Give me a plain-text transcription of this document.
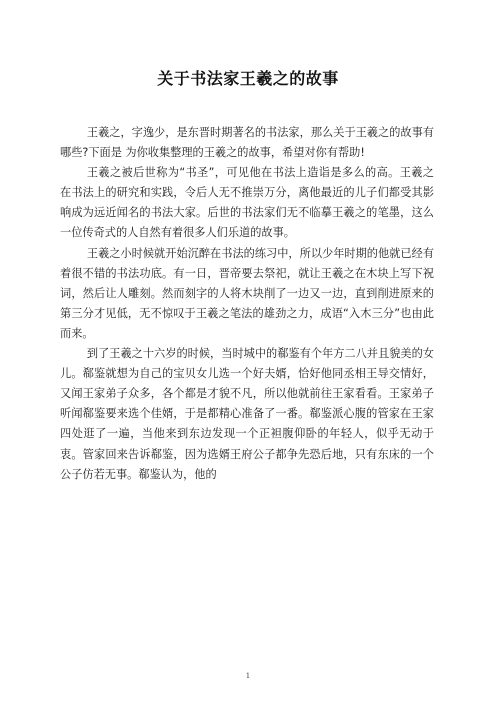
关于书法家王羲之的故事

王羲之，字逸少，是东晋时期著名的书法家，那么关于王羲之的故事有哪些?下面是 为你收集整理的王羲之的故事，希望对你有帮助!

王羲之被后世称为“书圣”，可见他在书法上造诣是多么的高。王羲之在书法上的研究和实践，令后人无不推崇万分，离他最近的儿子们都受其影响成为远近闻名的书法大家。后世的书法家们无不临摹王羲之的笔墨，这么一位传奇式的人自然有着很多人们乐道的故事。

王羲之小时候就开始沉醉在书法的练习中，所以少年时期的他就已经有着很不错的书法功底。有一日，晋帝要去祭祀，就让王羲之在木块上写下祝词，然后让人雕刻。然而刻字的人将木块削了一边又一边，直到削进原来的第三分才见低，无不惊叹于王羲之笔法的雄劲之力，成语“入木三分”也由此而来。

到了王羲之十六岁的时候，当时城中的郗鉴有个年方二八并且貌美的女儿。郗鉴就想为自己的宝贝女儿选一个好夫婿，恰好他同丞相王导交情好，又闻王家弟子众多，各个都是才貌不凡，所以他就前往王家看看。王家弟子听闻郗鉴要来选个佳婿，于是都精心准备了一番。郗鉴派心腹的管家在王家四处逛了一遍，当他来到东边发现一个正袒腹仰卧的年轻人，似乎无动于衷。管家回来告诉郗鉴，因为选婿王府公子都争先恐后地，只有东床的一个公子仿若无事。郗鉴认为，他的

1
